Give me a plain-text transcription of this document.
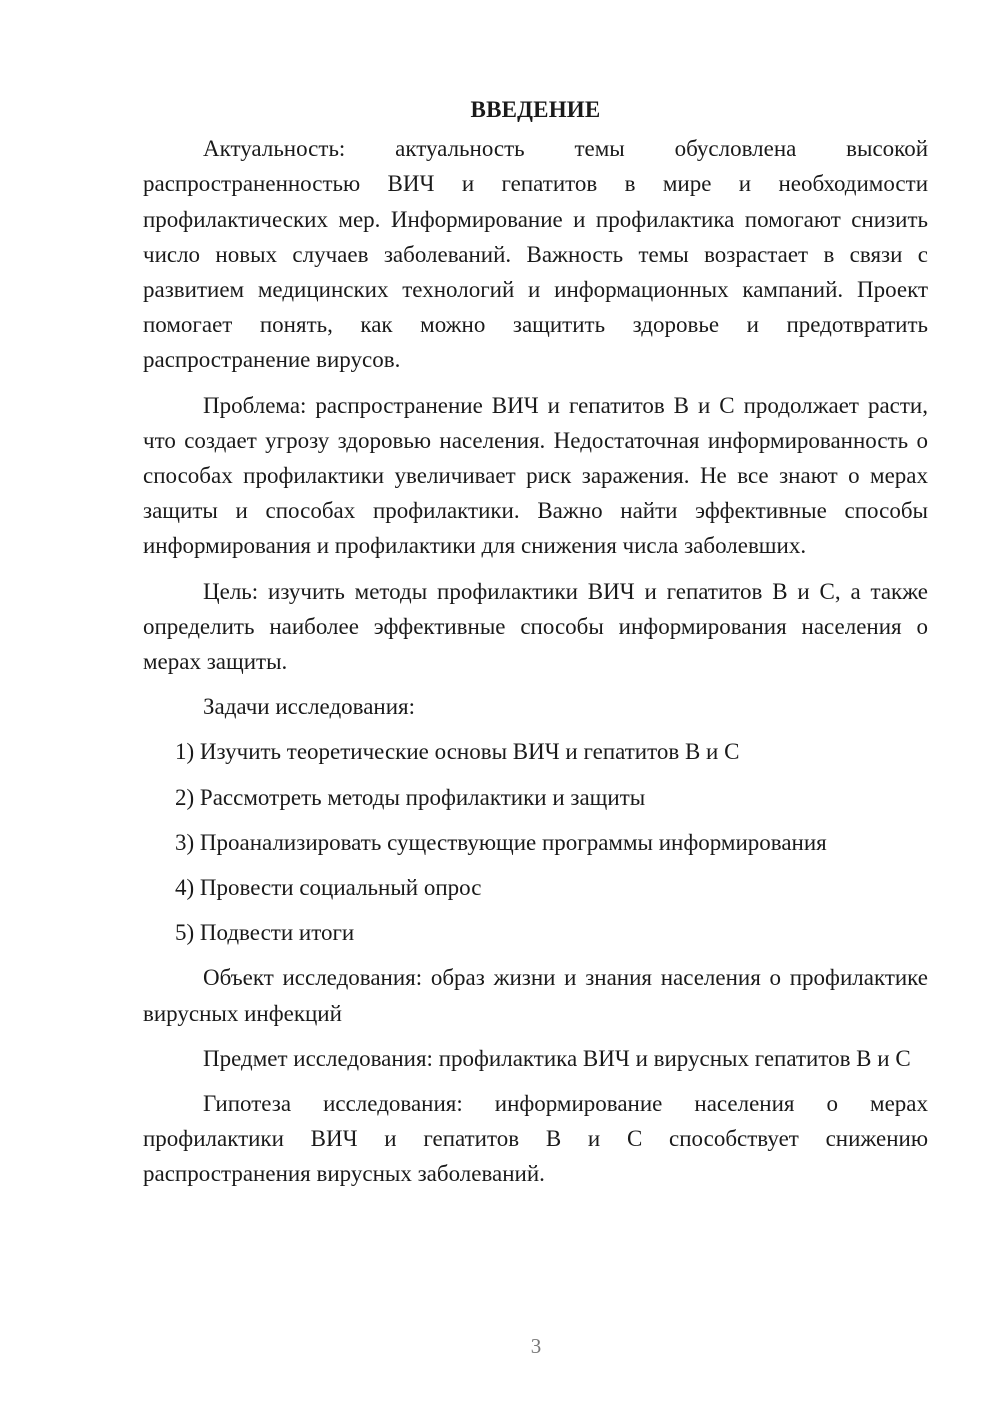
ВВЕДЕНИЕ

Актуальность: актуальность темы обусловлена высокой распространенностью ВИЧ и гепатитов в мире и необходимости профилактических мер. Информирование и профилактика помогают снизить число новых случаев заболеваний. Важность темы возрастает в связи с развитием медицинских технологий и информационных кампаний. Проект помогает понять, как можно защитить здоровье и предотвратить распространение вирусов.

Проблема: распространение ВИЧ и гепатитов В и С продолжает расти, что создает угрозу здоровью населения. Недостаточная информированность о способах профилактики увеличивает риск заражения. Не все знают о мерах защиты и способах профилактики. Важно найти эффективные способы информирования и профилактики для снижения числа заболевших.

Цель: изучить методы профилактики ВИЧ и гепатитов В и С, а также определить наиболее эффективные способы информирования населения о мерах защиты.

Задачи исследования:

1) Изучить теоретические основы ВИЧ и гепатитов В и С
2) Рассмотреть методы профилактики и защиты
3) Проанализировать существующие программы информирования
4) Провести социальный опрос
5) Подвести итоги

Объект исследования: образ жизни и знания населения о профилактике вирусных инфекций

Предмет исследования: профилактика ВИЧ и вирусных гепатитов В и С

Гипотеза исследования: информирование населения о мерах профилактики ВИЧ и гепатитов В и С способствует снижению распространения вирусных заболеваний.

3
